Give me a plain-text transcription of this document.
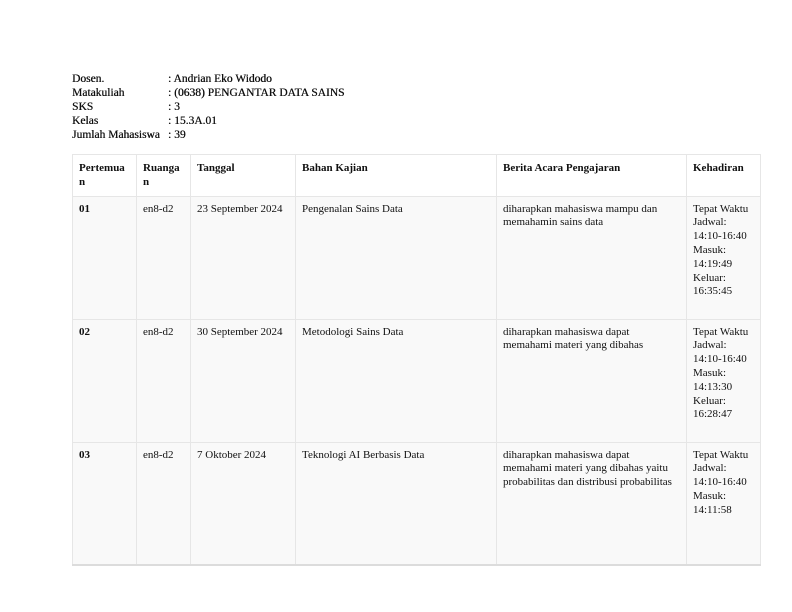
Dosen.	: Andrian Eko Widodo
Matakuliah	: (0638) PENGANTAR DATA SAINS
SKS	: 3
Kelas	: 15.3A.01
Jumlah Mahasiswa	: 39
Pertemuan	Ruangan	Tanggal	Bahan Kajian	Berita Acara Pengajaran	Kehadiran
01	en8-d2	23 September 2024	Pengenalan Sains Data	diharapkan mahasiswa mampu dan memahamin sains data	Tepat Waktu
Jadwal: 14:10-16:40
Masuk: 14:19:49
Keluar: 16:35:45

02	en8-d2	30 September 2024	Metodologi Sains Data	diharapkan mahasiswa dapat memahami materi yang dibahas	Tepat Waktu
Jadwal: 14:10-16:40
Masuk: 14:13:30
Keluar: 16:28:47

03	en8-d2	7 Oktober 2024	Teknologi AI Berbasis Data	diharapkan mahasiswa dapat memahami materi yang dibahas yaitu probabilitas dan distribusi probabilitas	Tepat Waktu
Jadwal: 14:10-16:40
Masuk: 14:11:58
